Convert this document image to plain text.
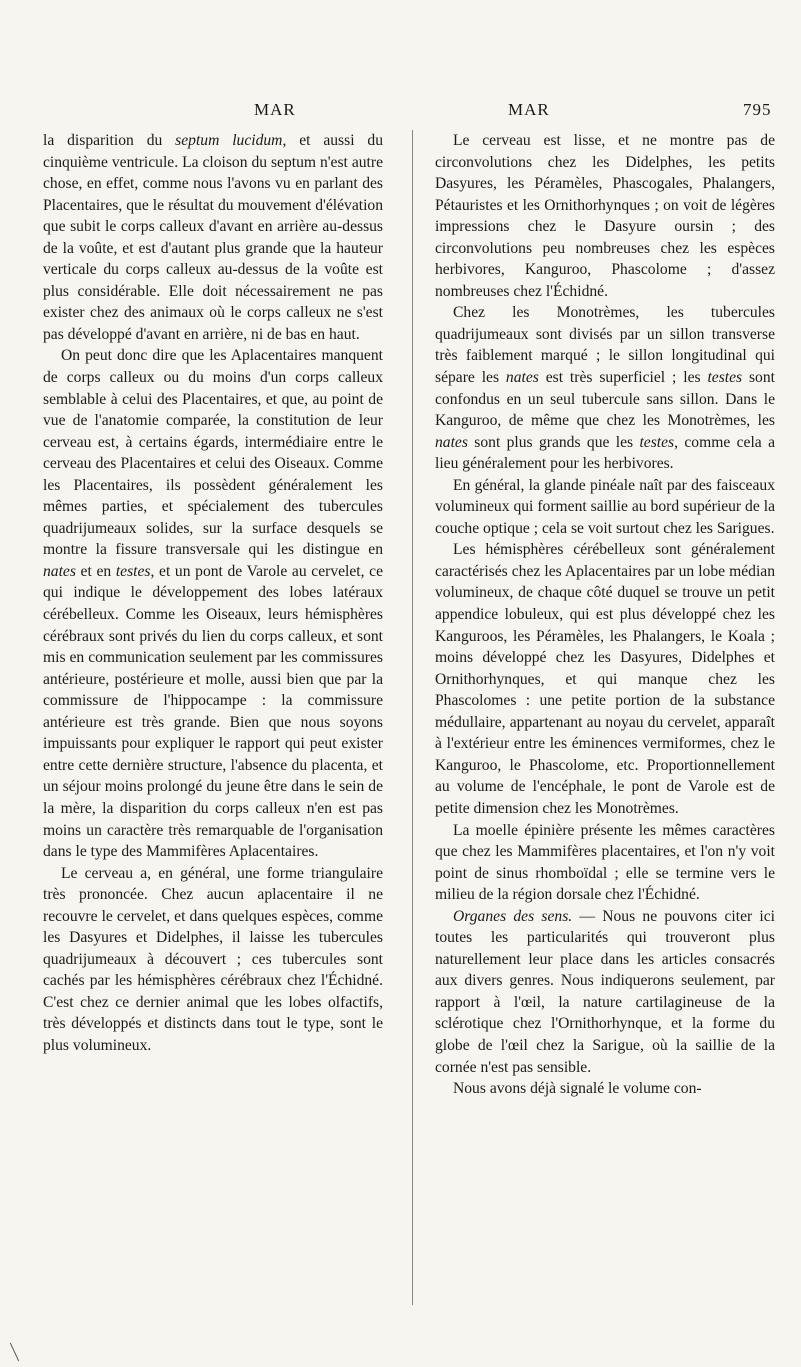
MAR	MAR	795

la disparition du septum lucidum, et aussi du cinquième ventricule. La cloison du septum n'est autre chose, en effet, comme nous l'avons vu en parlant des Placentaires, que le résultat du mouvement d'élévation que subit le corps calleux d'avant en arrière au-dessus de la voûte, et est d'autant plus grande que la hauteur verticale du corps calleux au-dessus de la voûte est plus considérable. Elle doit nécessairement ne pas exister chez des animaux où le corps calleux ne s'est pas développé d'avant en arrière, ni de bas en haut.

On peut donc dire que les Aplacentaires manquent de corps calleux ou du moins d'un corps calleux semblable à celui des Placentaires, et que, au point de vue de l'anatomie comparée, la constitution de leur cerveau est, à certains égards, intermédiaire entre le cerveau des Placentaires et celui des Oiseaux. Comme les Placentaires, ils possèdent généralement les mêmes parties, et spécialement des tubercules quadrijumeaux solides, sur la surface desquels se montre la fissure transversale qui les distingue en nates et en testes, et un pont de Varole au cervelet, ce qui indique le développement des lobes latéraux cérébelleux. Comme les Oiseaux, leurs hémisphères cérébraux sont privés du lien du corps calleux, et sont mis en communication seulement par les commissures antérieure, postérieure et molle, aussi bien que par la commissure de l'hippocampe : la commissure antérieure est très grande. Bien que nous soyons impuissants pour expliquer le rapport qui peut exister entre cette dernière structure, l'absence du placenta, et un séjour moins prolongé du jeune être dans le sein de la mère, la disparition du corps calleux n'en est pas moins un caractère très remarquable de l'organisation dans le type des Mammifères Aplacentaires.

Le cerveau a, en général, une forme triangulaire très prononcée. Chez aucun aplacentaire il ne recouvre le cervelet, et dans quelques espèces, comme les Dasyures et Didelphes, il laisse les tubercules quadrijumeaux à découvert ; ces tubercules sont cachés par les hémisphères cérébraux chez l'Échidné. C'est chez ce dernier animal que les lobes olfactifs, très développés et distincts dans tout le type, sont le plus volumineux.

Le cerveau est lisse, et ne montre pas de circonvolutions chez les Didelphes, les petits Dasyures, les Péramèles, Phascogales, Phalangers, Pétauristes et les Ornithorhynques ; on voit de légères impressions chez le Dasyure oursin ; des circonvolutions peu nombreuses chez les espèces herbivores, Kanguroo, Phascolome ; d'assez nombreuses chez l'Échidné.

Chez les Monotrèmes, les tubercules quadrijumeaux sont divisés par un sillon transverse très faiblement marqué ; le sillon longitudinal qui sépare les nates est très superficiel ; les testes sont confondus en un seul tubercule sans sillon. Dans le Kanguroo, de même que chez les Monotrèmes, les nates sont plus grands que les testes, comme cela a lieu généralement pour les herbivores.

En général, la glande pinéale naît par des faisceaux volumineux qui forment saillie au bord supérieur de la couche optique ; cela se voit surtout chez les Sarigues.

Les hémisphères cérébelleux sont généralement caractérisés chez les Aplacentaires par un lobe médian volumineux, de chaque côté duquel se trouve un petit appendice lobuleux, qui est plus développé chez les Kanguroos, les Péramèles, les Phalangers, le Koala ; moins développé chez les Dasyures, Didelphes et Ornithorhynques, et qui manque chez les Phascolomes : une petite portion de la substance médullaire, appartenant au noyau du cervelet, apparaît à l'extérieur entre les éminences vermiformes, chez le Kanguroo, le Phascolome, etc. Proportionnellement au volume de l'encéphale, le pont de Varole est de petite dimension chez les Monotrèmes.

La moelle épinière présente les mêmes caractères que chez les Mammifères placentaires, et l'on n'y voit point de sinus rhomboïdal ; elle se termine vers le milieu de la région dorsale chez l'Échidné.

Organes des sens. — Nous ne pouvons citer ici toutes les particularités qui trouveront plus naturellement leur place dans les articles consacrés aux divers genres. Nous indiquerons seulement, par rapport à l'œil, la nature cartilagineuse de la sclérotique chez l'Ornithorhynque, et la forme du globe de l'œil chez la Sarigue, où la saillie de la cornée n'est pas sensible.

Nous avons déjà signalé le volume con-
